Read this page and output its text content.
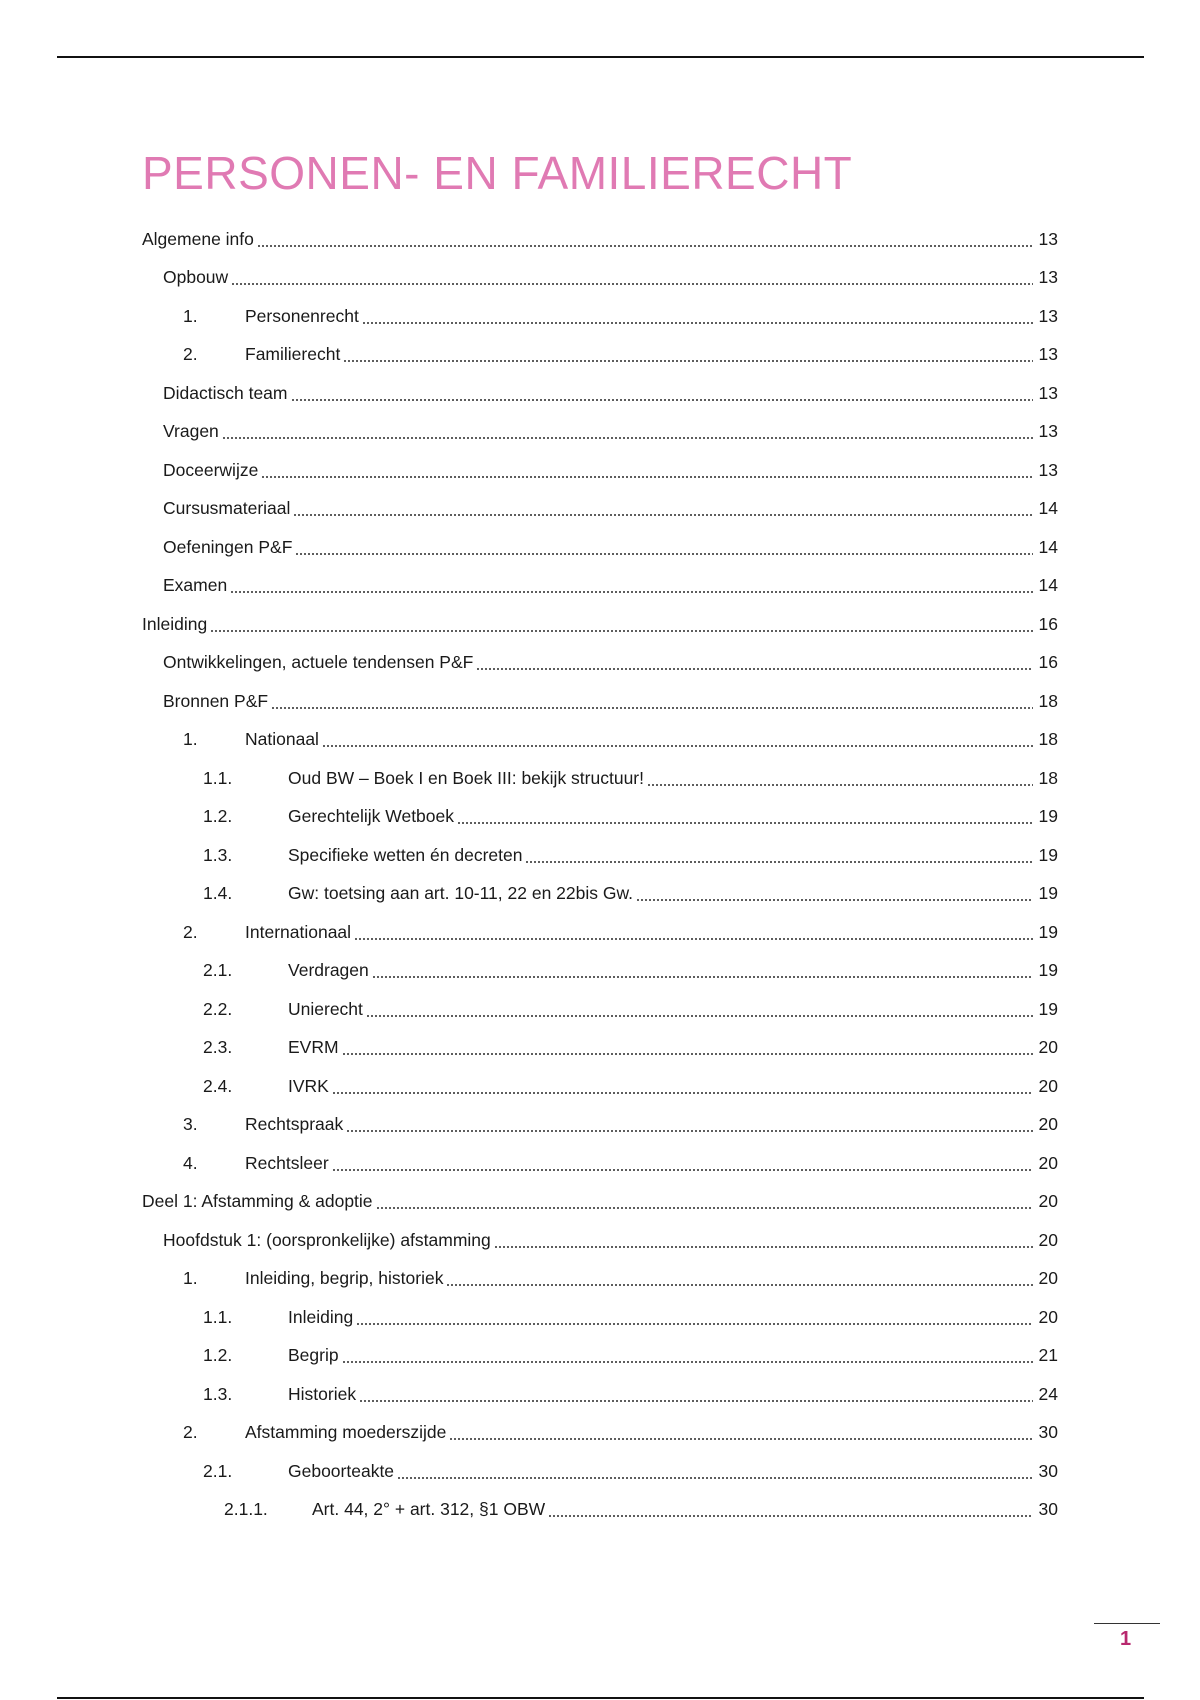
PERSONEN- EN FAMILIERECHT
Algemene info	13
Opbouw	13
1.	Personenrecht	13
2.	Familierecht	13
Didactisch team	13
Vragen	13
Doceerwijze	13
Cursusmateriaal	14
Oefeningen P&F	14
Examen	14
Inleiding	16
Ontwikkelingen, actuele tendensen P&F	16
Bronnen P&F	18
1.	Nationaal	18
1.1.	Oud BW – Boek I en Boek III: bekijk structuur!	18
1.2.	Gerechtelijk Wetboek	19
1.3.	Specifieke wetten én decreten	19
1.4.	Gw: toetsing aan art. 10-11, 22 en 22bis Gw.	19
2.	Internationaal	19
2.1.	Verdragen	19
2.2.	Unierecht	19
2.3.	EVRM	20
2.4.	IVRK	20
3.	Rechtspraak	20
4.	Rechtsleer	20
Deel 1: Afstamming & adoptie	20
Hoofdstuk 1: (oorspronkelijke) afstamming	20
1.	Inleiding, begrip, historiek	20
1.1.	Inleiding	20
1.2.	Begrip	21
1.3.	Historiek	24
2.	Afstamming moederszijde	30
2.1.	Geboorteakte	30
2.1.1.	Art. 44, 2° + art. 312, §1 OBW	30
1
